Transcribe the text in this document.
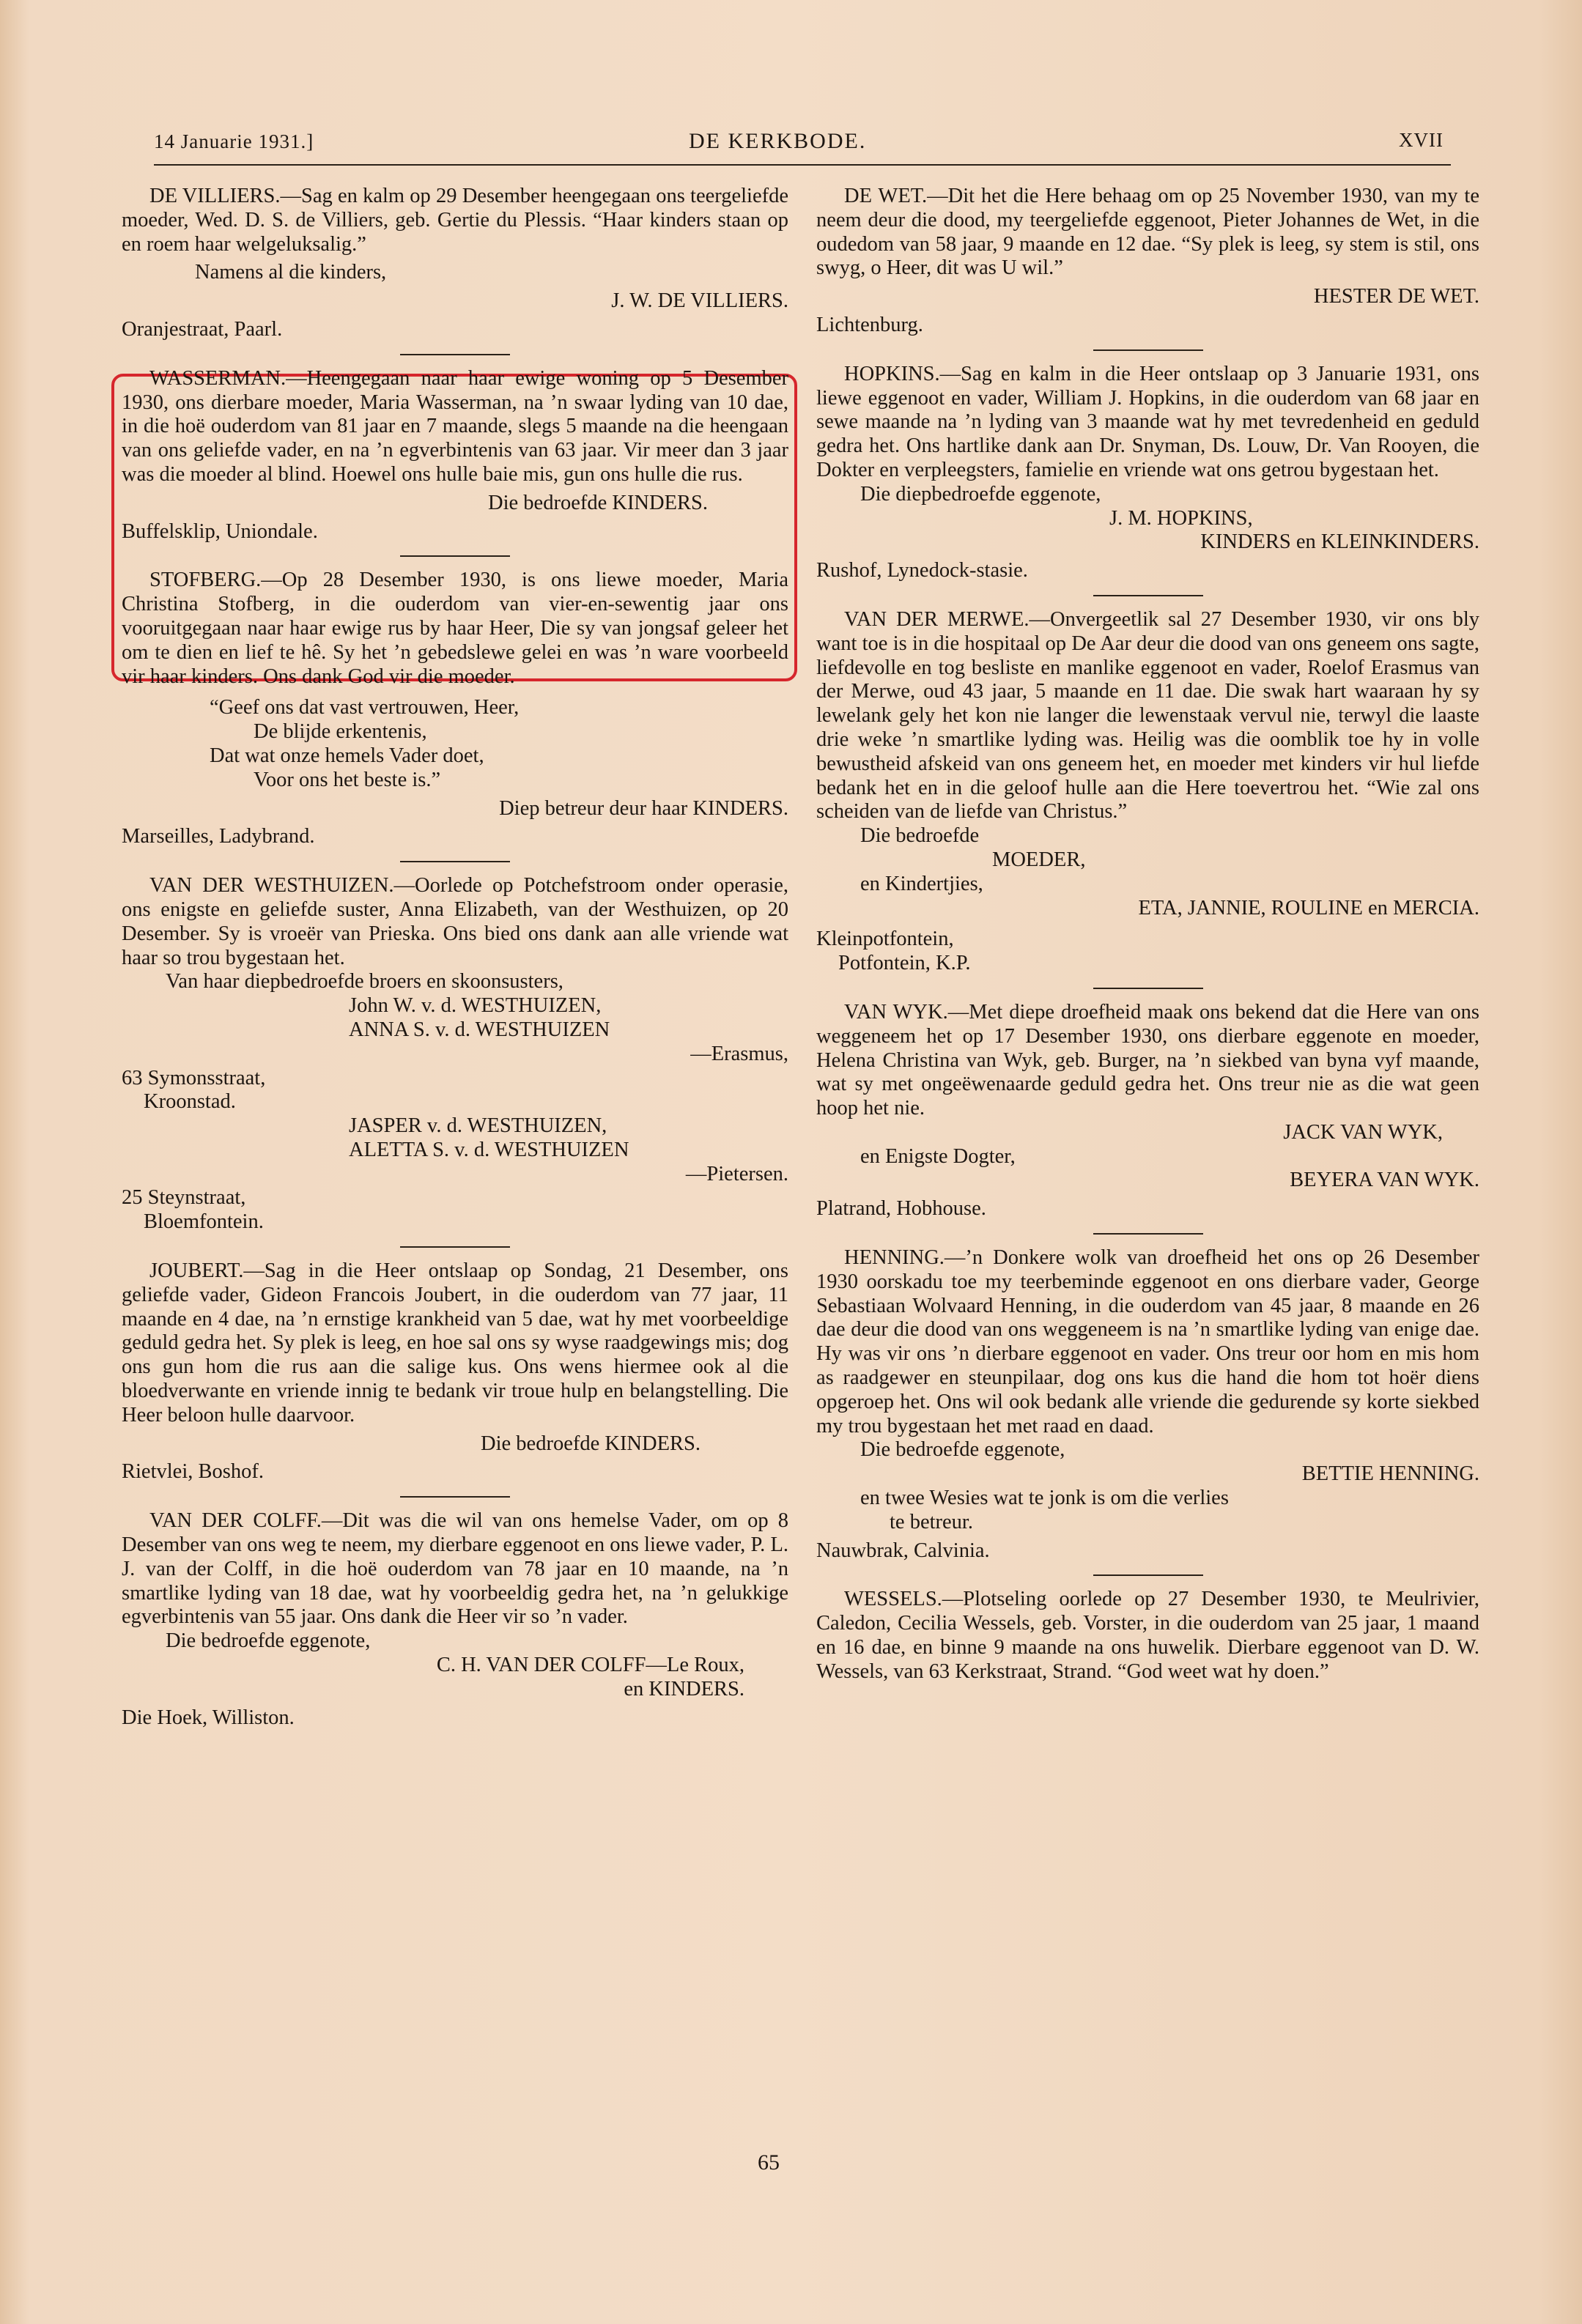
14 Januarie 1931.]	DE KERKBODE.	XVII

DE VILLIERS.—Sag en kalm op 29 Desember heengegaan ons teergeliefde moeder, Wed. D. S. de Villiers, geb. Gertie du Plessis. “Haar kinders staan op en roem haar welgeluksalig.”

Namens al die kinders,
J. W. DE VILLIERS.
Oranjestraat, Paarl.

WASSERMAN.—Heengegaan naar haar ewige woning op 5 Desember 1930, ons dierbare moeder, Maria Wasserman, na ’n swaar lyding van 10 dae, in die hoë ouderdom van 81 jaar en 7 maande, slegs 5 maande na die heengaan van ons geliefde vader, en na ’n egverbintenis van 63 jaar. Vir meer dan 3 jaar was die moeder al blind. Hoewel ons hulle baie mis, gun ons hulle die rus.

Die bedroefde KINDERS.
Buffelsklip, Uniondale.

STOFBERG.—Op 28 Desember 1930, is ons liewe moeder, Maria Christina Stofberg, in die ouderdom van vier-en-sewentig jaar ons vooruitgegaan naar haar ewige rus by haar Heer, Die sy van jongsaf geleer het om te dien en lief te hê. Sy het ’n gebedslewe gelei en was ’n ware voorbeeld vir haar kinders. Ons dank God vir die moeder.

“Geef ons dat vast vertrouwen, Heer,
De blijde erkentenis,
Dat wat onze hemels Vader doet,
Voor ons het beste is.”
Diep betreur deur haar KINDERS.
Marseilles, Ladybrand.

VAN DER WESTHUIZEN.—Oorlede op Potchefstroom onder operasie, ons enigste en geliefde suster, Anna Elizabeth, van der Westhuizen, op 20 Desember. Sy is vroeër van Prieska. Ons bied ons dank aan alle vriende wat haar so trou bygestaan het.

Van haar diepbedroefde broers en skoonsusters,
John W. v. d. WESTHUIZEN,
ANNA S. v. d. WESTHUIZEN
—Erasmus,
63 Symonsstraat,
Kroonstad.
JASPER v. d. WESTHUIZEN,
ALETTA S. v. d. WESTHUIZEN
—Pietersen.
25 Steynstraat,
Bloemfontein.

JOUBERT.—Sag in die Heer ontslaap op Sondag, 21 Desember, ons geliefde vader, Gideon Francois Joubert, in die ouderdom van 77 jaar, 11 maande en 4 dae, na ’n ernstige krankheid van 5 dae, wat hy met voorbeeldige geduld gedra het. Sy plek is leeg, en hoe sal ons sy wyse raadgewings mis; dog ons gun hom die rus aan die salige kus. Ons wens hiermee ook al die bloedverwante en vriende innig te bedank vir troue hulp en belangstelling. Die Heer beloon hulle daarvoor.

Die bedroefde KINDERS.
Rietvlei, Boshof.

VAN DER COLFF.—Dit was die wil van ons hemelse Vader, om op 8 Desember van ons weg te neem, my dierbare eggenoot en ons liewe vader, P. L. J. van der Colff, in die hoë ouderdom van 78 jaar en 10 maande, na ’n smartlike lyding van 18 dae, wat hy voorbeeldig gedra het, na ’n gelukkige egverbintenis van 55 jaar. Ons dank die Heer vir so ’n vader.

Die bedroefde eggenote,
C. H. VAN DER COLFF—Le Roux,
en KINDERS.
Die Hoek, Williston.

DE WET.—Dit het die Here behaag om op 25 November 1930, van my te neem deur die dood, my teergeliefde eggenoot, Pieter Johannes de Wet, in die oudedom van 58 jaar, 9 maande en 12 dae. “Sy plek is leeg, sy stem is stil, ons swyg, o Heer, dit was U wil.”

HESTER DE WET.
Lichtenburg.

HOPKINS.—Sag en kalm in die Heer ontslaap op 3 Januarie 1931, ons liewe eggenoot en vader, William J. Hopkins, in die ouderdom van 68 jaar en sewe maande na ’n lyding van 3 maande wat hy met tevredenheid en geduld gedra het. Ons hartlike dank aan Dr. Snyman, Ds. Louw, Dr. Van Rooyen, die Dokter en verpleegsters, famielie en vriende wat ons getrou bygestaan het.

Die diepbedroefde eggenote,
J. M. HOPKINS,
KINDERS en KLEINKINDERS.
Rushof, Lynedock-stasie.

VAN DER MERWE.—Onvergeetlik sal 27 Desember 1930, vir ons bly want toe is in die hospitaal op De Aar deur die dood van ons geneem ons sagte, liefdevolle en tog besliste en manlike eggenoot en vader, Roelof Erasmus van der Merwe, oud 43 jaar, 5 maande en 11 dae. Die swak hart waaraan hy sy lewelank gely het kon nie langer die lewenstaak vervul nie, terwyl die laaste drie weke ’n smartlike lyding was. Heilig was die oomblik toe hy in volle bewustheid afskeid van ons geneem het, en moeder met kinders vir hul liefde bedank het en in die geloof hulle aan die Here toevertrou het. “Wie zal ons scheiden van de liefde van Christus.”

Die bedroefde
MOEDER,
en Kindertjies,
ETA, JANNIE, ROULINE en MERCIA.
Kleinpotfontein,
Potfontein, K.P.

VAN WYK.—Met diepe droefheid maak ons bekend dat die Here van ons weggeneem het op 17 Desember 1930, ons dierbare eggenote en moeder, Helena Christina van Wyk, geb. Burger, na ’n siekbed van byna vyf maande, wat sy met ongeëwenaarde geduld gedra het. Ons treur nie as die wat geen hoop het nie.

JACK VAN WYK,
en Enigste Dogter,
BEYERA VAN WYK.
Platrand, Hobhouse.

HENNING.—’n Donkere wolk van droefheid het ons op 26 Desember 1930 oorskadu toe my teerbeminde eggenoot en ons dierbare vader, George Sebastiaan Wolvaard Henning, in die ouderdom van 45 jaar, 8 maande en 26 dae deur die dood van ons weggeneem is na ’n smartlike lyding van enige dae. Hy was vir ons ’n dierbare eggenoot en vader. Ons treur oor hom en mis hom as raadgewer en steunpilaar, dog ons kus die hand die hom tot hoër diens opgeroep het. Ons wil ook bedank alle vriende die gedurende sy korte siekbed my trou bygestaan het met raad en daad.

Die bedroefde eggenote,
BETTIE HENNING.
en twee Wesies wat te jonk is om die verlies
te betreur.
Nauwbrak, Calvinia.

WESSELS.—Plotseling oorlede op 27 Desember 1930, te Meulrivier, Caledon, Cecilia Wessels, geb. Vorster, in die ouderdom van 25 jaar, 1 maand en 16 dae, en binne 9 maande na ons huwelik. Dierbare eggenoot van D. W. Wessels, van 63 Kerkstraat, Strand. “God weet wat hy doen.”

65
